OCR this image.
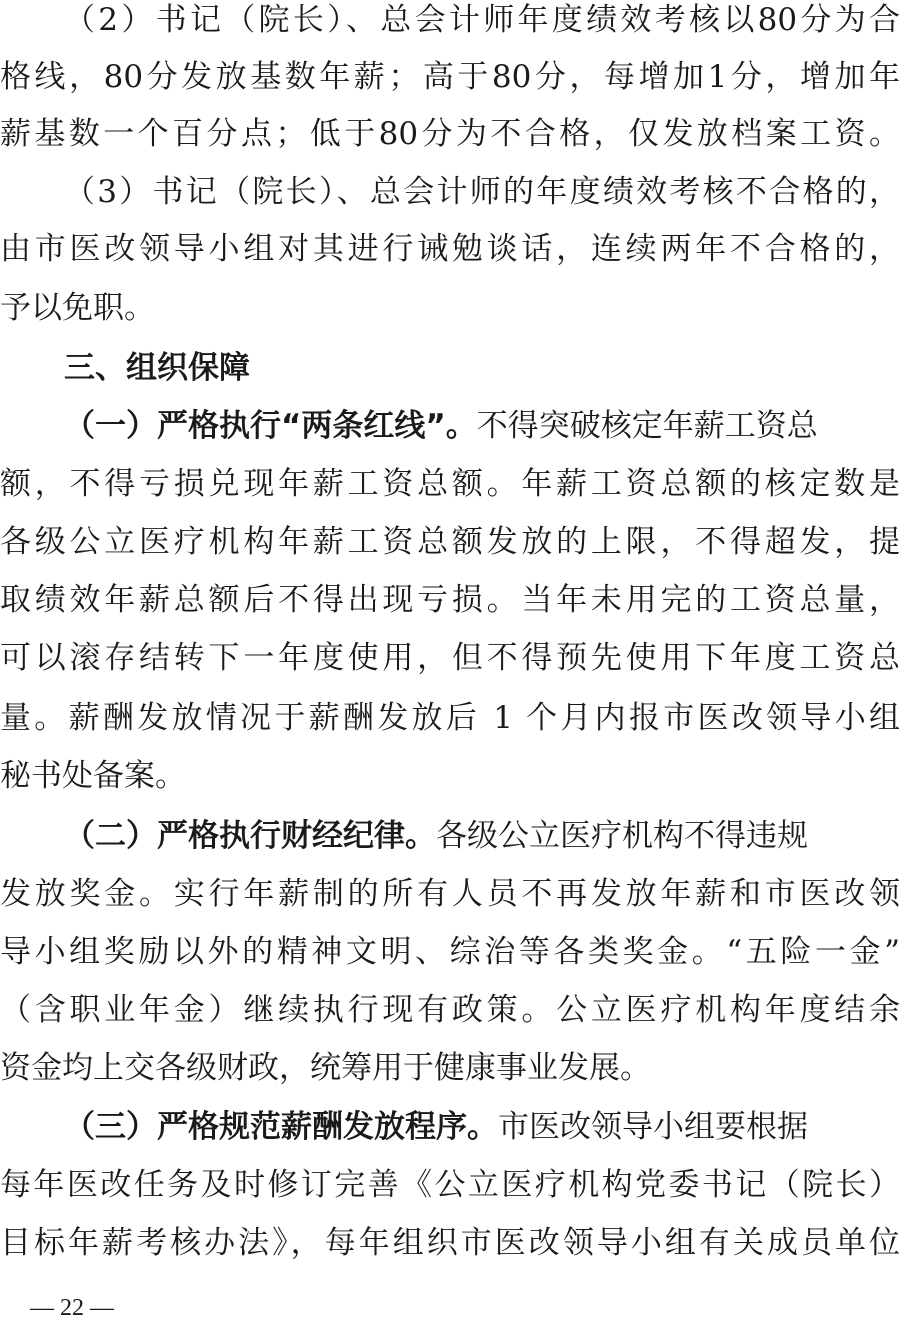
（2）书记（院长）、总会计师年度绩效考核以80分为合
格线，80分发放基数年薪；高于80分，每增加1分，增加年
薪基数一个百分点；低于80分为不合格，仅发放档案工资。
（3）书记（院长）、总会计师的年度绩效考核不合格的，
由市医改领导小组对其进行诫勉谈话，连续两年不合格的，
予以免职。
三、组织保障
（一）严格执行“两条红线”。不得突破核定年薪工资总
额，不得亏损兑现年薪工资总额。年薪工资总额的核定数是
各级公立医疗机构年薪工资总额发放的上限，不得超发，提
取绩效年薪总额后不得出现亏损。当年未用完的工资总量，
可以滚存结转下一年度使用，但不得预先使用下年度工资总
量。薪酬发放情况于薪酬发放后 1 个月内报市医改领导小组
秘书处备案。
（二）严格执行财经纪律。各级公立医疗机构不得违规
发放奖金。实行年薪制的所有人员不再发放年薪和市医改领
导小组奖励以外的精神文明、综治等各类奖金。“五险一金”
（含职业年金）继续执行现有政策。公立医疗机构年度结余
资金均上交各级财政，统筹用于健康事业发展。
（三）严格规范薪酬发放程序。市医改领导小组要根据
每年医改任务及时修订完善《公立医疗机构党委书记（院长）
目标年薪考核办法》，每年组织市医改领导小组有关成员单位
— 22 —
